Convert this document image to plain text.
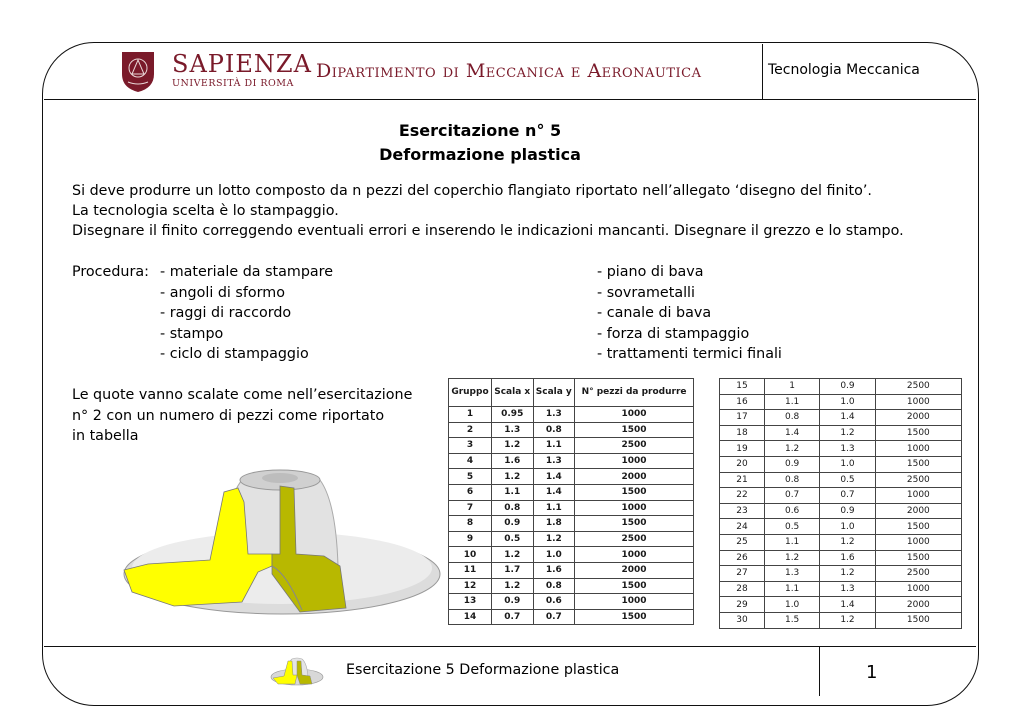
SAPIENZA
UNIVERSITÀ DI ROMA
Dipartimento di Meccanica e Aeronautica	Tecnologia Meccanica
Esercitazione n° 5
Deformazione plastica
Si deve produrre un lotto composto da n pezzi del coperchio flangiato riportato nell’allegato ‘disegno del finito’.
La tecnologia scelta è lo stampaggio.
Disegnare il finito correggendo eventuali errori e inserendo le indicazioni mancanti. Disegnare il grezzo e lo stampo.
Procedura: - materiale da stampare
- angoli di sformo
- raggi di raccordo
- stampo
- ciclo di stampaggio
- piano di bava
- sovrametalli
- canale di bava
- forza di stampaggio
- trattamenti termici finali
Le quote vanno scalate come nell’esercitazione
n° 2 con un numero di pezzi come riportato
in tabella
Gruppo	Scala x	Scala y	N° pezzi da produrre
1	0.95	1.3	1000
2	1.3	0.8	1500
3	1.2	1.1	2500
4	1.6	1.3	1000
5	1.2	1.4	2000
6	1.1	1.4	1500
7	0.8	1.1	1000
8	0.9	1.8	1500
9	0.5	1.2	2500
10	1.2	1.0	1000
11	1.7	1.6	2000
12	1.2	0.8	1500
13	0.9	0.6	1000
14	0.7	0.7	1500
15	1	0.9	2500
16	1.1	1.0	1000
17	0.8	1.4	2000
18	1.4	1.2	1500
19	1.2	1.3	1000
20	0.9	1.0	1500
21	0.8	0.5	2500
22	0.7	0.7	1000
23	0.6	0.9	2000
24	0.5	1.0	1500
25	1.1	1.2	1000
26	1.2	1.6	1500
27	1.3	1.2	2500
28	1.1	1.3	1000
29	1.0	1.4	2000
30	1.5	1.2	1500
Esercitazione 5 Deformazione plastica	1
